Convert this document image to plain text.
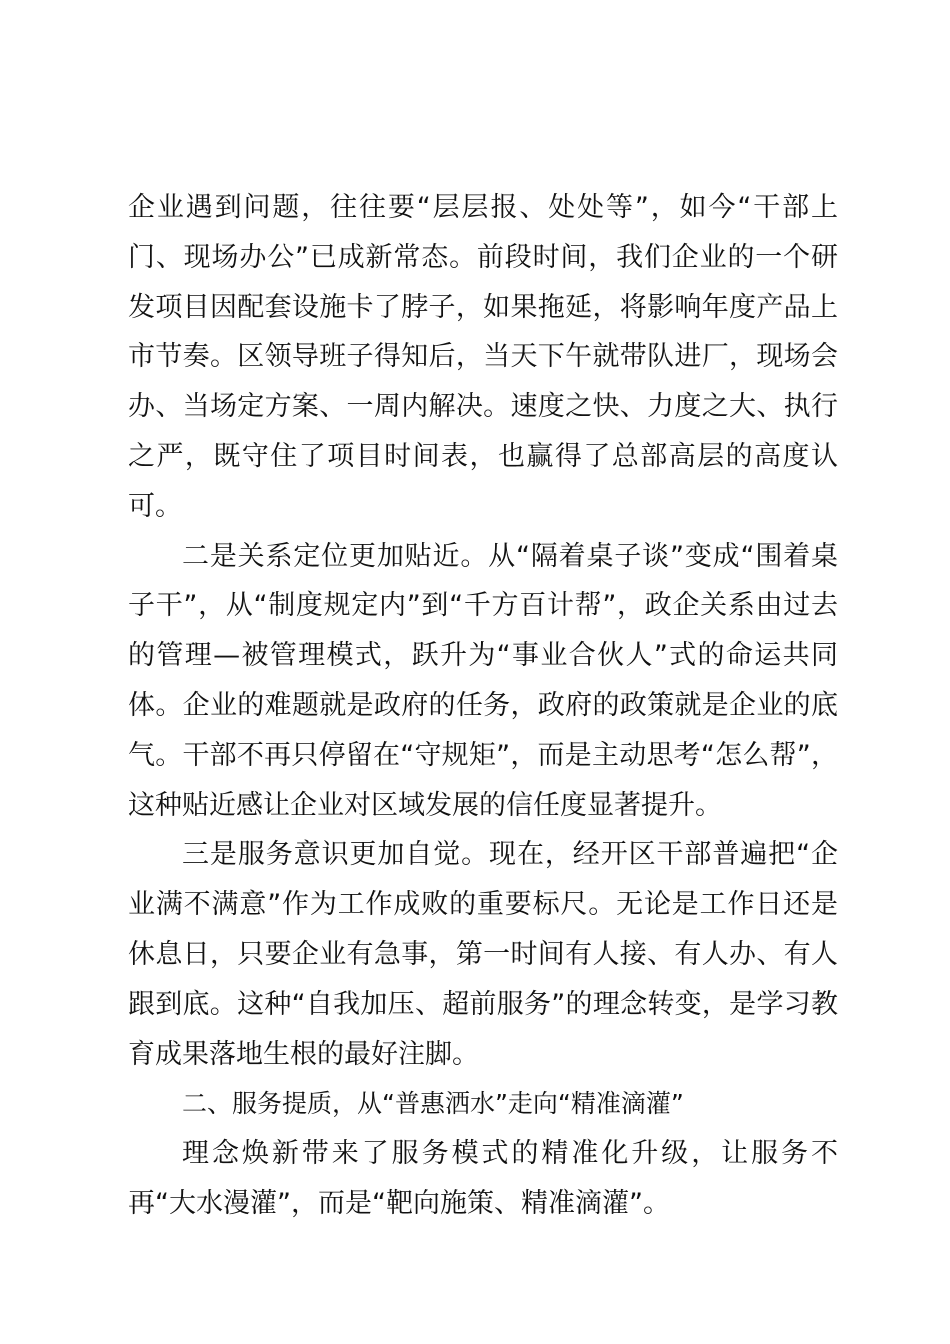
企业遇到问题，往往要“层层报、处处等”，如今“干部上门、现场办公”已成新常态。前段时间，我们企业的一个研发项目因配套设施卡了脖子，如果拖延，将影响年度产品上市节奏。区领导班子得知后，当天下午就带队进厂，现场会办、当场定方案、一周内解决。速度之快、力度之大、执行之严，既守住了项目时间表，也赢得了总部高层的高度认可。

二是关系定位更加贴近。从“隔着桌子谈”变成“围着桌子干”，从“制度规定内”到“千方百计帮”，政企关系由过去的管理—被管理模式，跃升为“事业合伙人”式的命运共同体。企业的难题就是政府的任务，政府的政策就是企业的底气。干部不再只停留在“守规矩”，而是主动思考“怎么帮”，这种贴近感让企业对区域发展的信任度显著提升。

三是服务意识更加自觉。现在，经开区干部普遍把“企业满不满意”作为工作成败的重要标尺。无论是工作日还是休息日，只要企业有急事，第一时间有人接、有人办、有人跟到底。这种“自我加压、超前服务”的理念转变，是学习教育成果落地生根的最好注脚。

二、服务提质，从“普惠洒水”走向“精准滴灌”

理念焕新带来了服务模式的精准化升级，让服务不再“大水漫灌”，而是“靶向施策、精准滴灌”。
